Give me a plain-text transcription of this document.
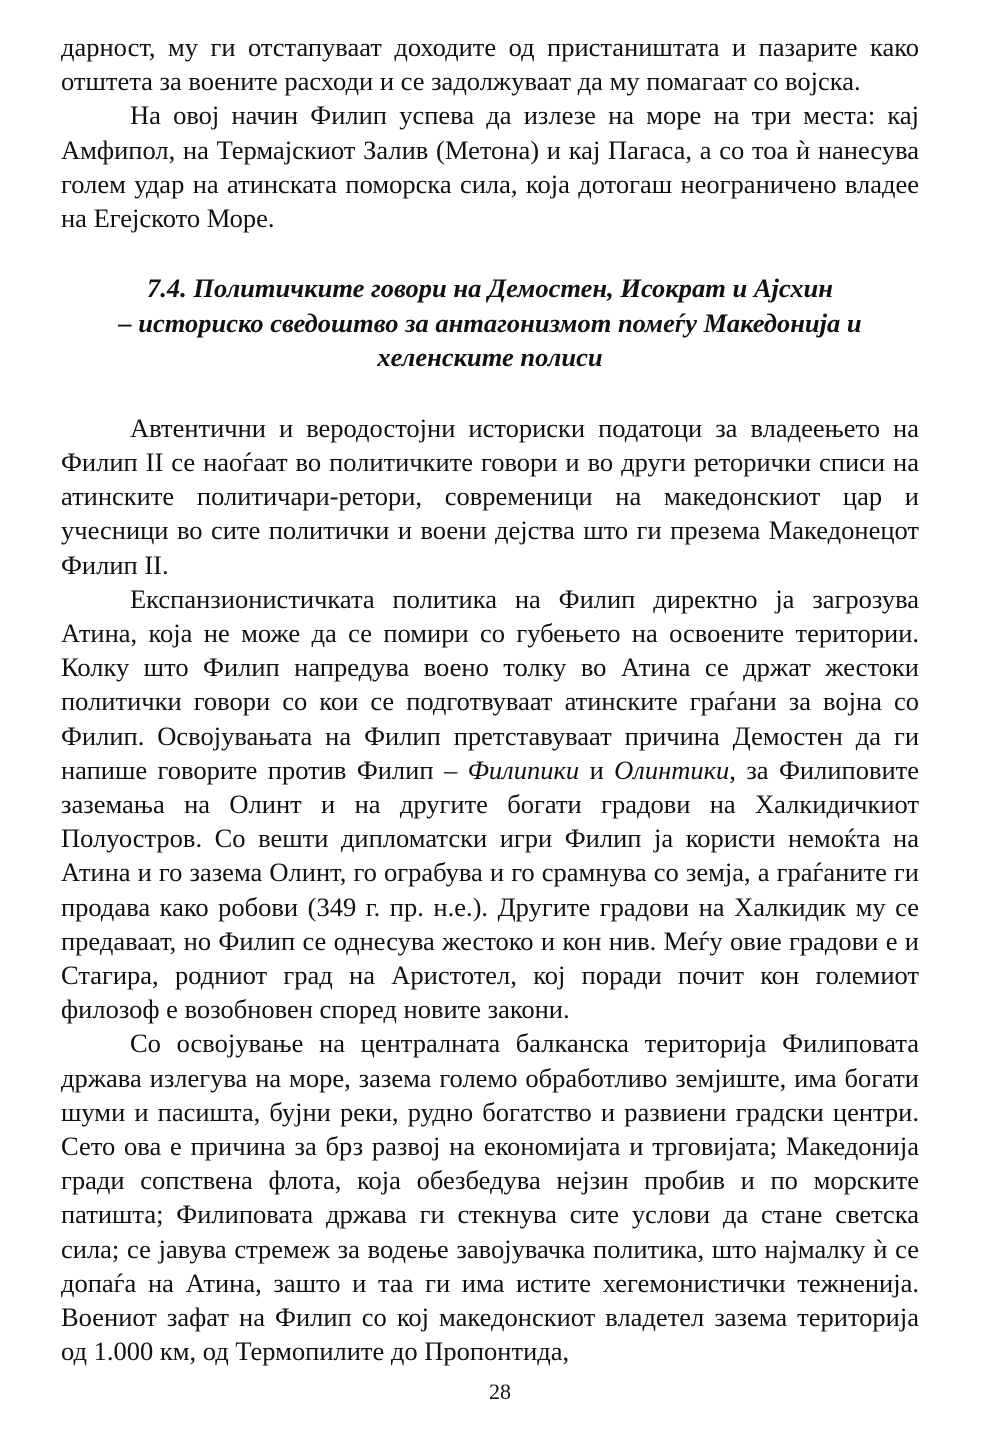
дарност, му ги отстапуваат доходите од пристаништата и пазарите како отштета за воените расходи и се задолжуваат да му помагаат со војска.

На овој начин Филип успева да излезе на море на три места: кај Амфипол, на Термајскиот Залив (Метона) и кај Пагаса, а со тоа ѝ нанесува голем удар на атинската поморска сила, која дотогаш неограничено владее на Егејското Море.

7.4. Политичките говори на Демостен, Исократ и Ајсхин
– историско сведоштво за антагонизмот помеѓу Македонија и
хеленските полиси

Автентични и веродостојни историски податоци за владеењето на Филип II се наоѓаат во политичките говори и во други реторички списи на атинските политичари-ретори, современици на македонскиот цар и учесници во сите политички и воени дејства што ги презема Македонецот Филип II.

Експанзионистичката политика на Филип директно ја загрозува Атина, која не може да се помири со губењето на освоените територии. Колку што Филип напредува воено толку во Атина се држат жестоки политички говори со кои се подготвуваат атинските граѓани за војна со Филип. Освојувањата на Филип претставуваат причина Демостен да ги напише говорите против Филип – Филипики и Олинтики, за Филиповите заземања на Олинт и на другите богати градови на Халкидичкиот Полуостров. Со вешти дипломатски игри Филип ја користи немоќта на Атина и го зазема Олинт, го ограбува и го срамнува со земја, а граѓаните ги продава како робови (349 г. пр. н.е.). Другите градови на Халкидик му се предаваат, но Филип се однесува жестоко и кон нив. Меѓу овие градови е и Стагира, родниот град на Аристотел, кој поради почит кон големиот филозоф е возобновен според новите закони.

Со освојување на централната балканска територија Филиповата држава излегува на море, зазема големо обработливо земјиште, има богати шуми и пасишта, бујни реки, рудно богатство и развиени градски центри. Сето ова е причина за брз развој на економијата и трговијата; Македонија гради сопствена флота, која обезбедува нејзин пробив и по морските патишта; Филиповата држава ги стекнува сите услови да стане светска сила; се јавува стремеж за водење завојувачка политика, што најмалку ѝ се допаѓа на Атина, зашто и таа ги има истите хегемонистички тежненија. Воениот зафат на Филип со кој македонскиот владетел зазема територија од 1.000 км, од Термопилите до Пропонтида,

28
